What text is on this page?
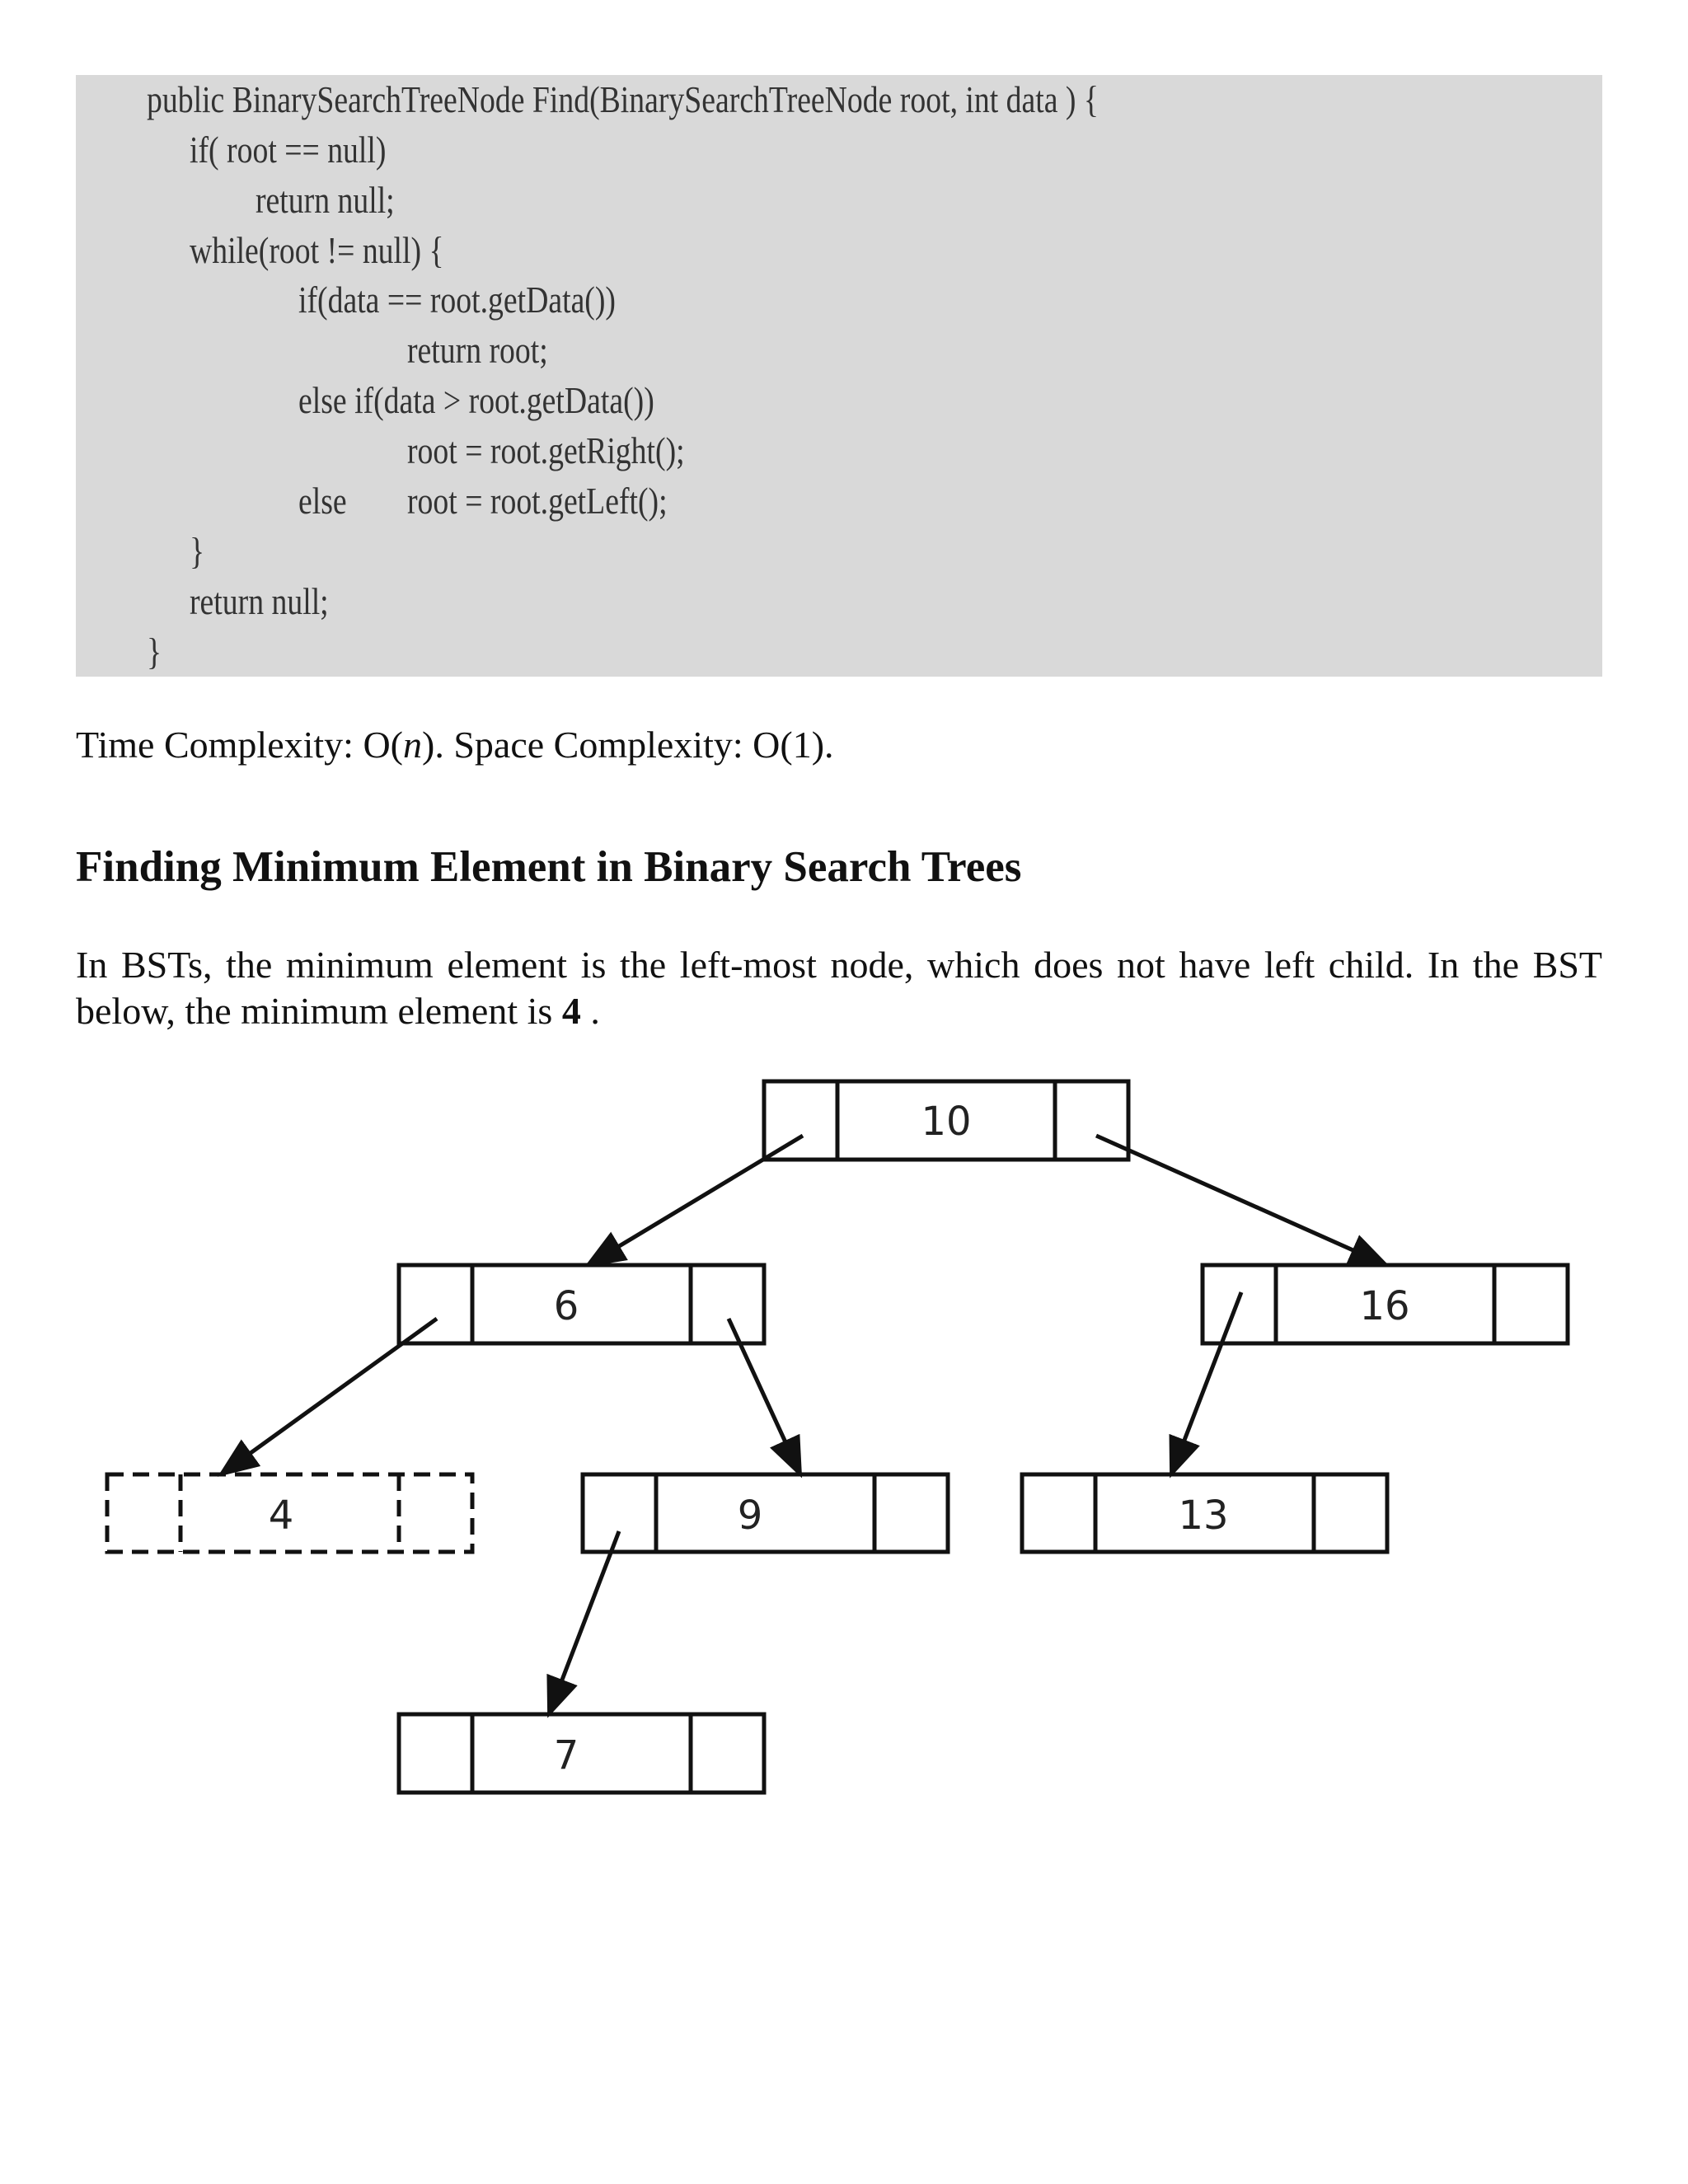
public BinarySearchTreeNode Find(BinarySearchTreeNode root, int data ) {
if( root == null)
return null;
while(root != null) {
if(data == root.getData())
return root;
else if(data > root.getData())
root = root.getRight();
else root = root.getLeft();
}
return null;
}
Time Complexity: O(n). Space Complexity: O(1).
Finding Minimum Element in Binary Search Trees
In BSTs, the minimum element is the left-most node, which does not have left child. In the BST
below, the minimum element is 4 .
10
6	16
4	9	13
7
